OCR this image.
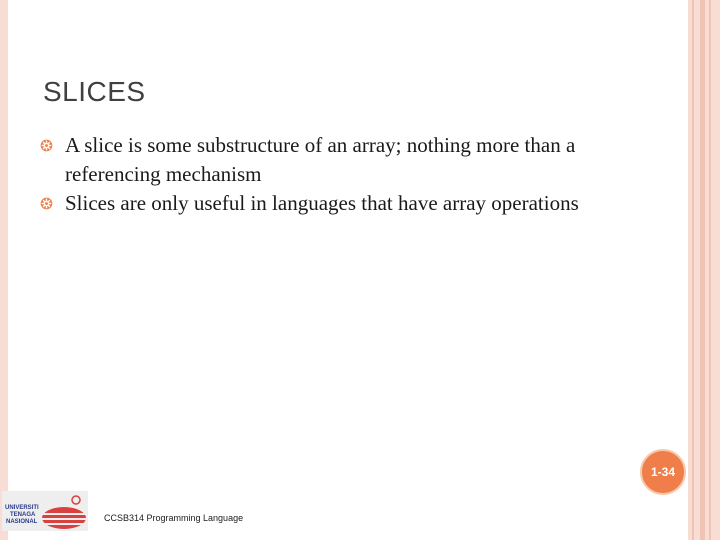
SLICES
A slice is some substructure of an array; nothing more than a referencing mechanism
Slices are only useful in languages that have array operations
1-34
UNIVERSITI
TENAGA
NASIONAL	CCSB314 Programming Language
